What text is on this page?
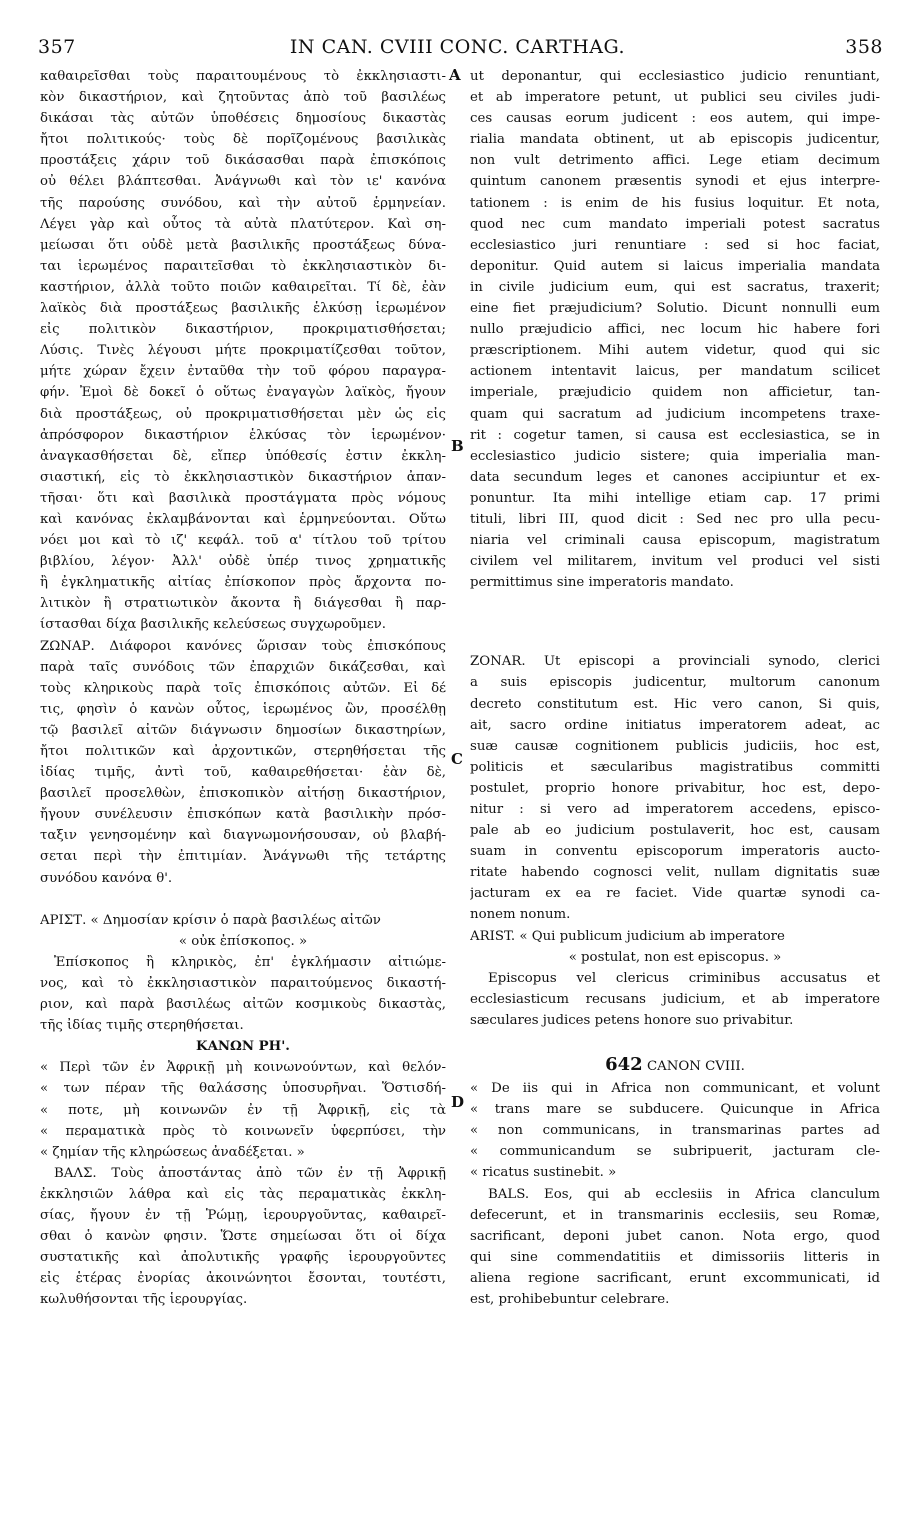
357	IN CAN. CVIII CONC. CARTHAG.	358
A
B
C
D
καθαιρεῖσθαι τοὺς παραιτουμένους τὸ ἐκκλησιαστι-
κὸν δικαστήριον, καὶ ζητοῦντας ἀπὸ τοῦ βασιλέως
δικάσαι τὰς αὐτῶν ὑποθέσεις δημοσίους δικαστὰς
ἤτοι πολιτικούς· τοὺς δὲ πορῖζομένους βασιλικὰς
προστάξεις χάριν τοῦ δικάσασθαι παρὰ ἐπισκόποις
οὐ θέλει βλάπτεσθαι. Ἀνάγνωθι καὶ τὸν ιε' κανόνα
τῆς παρούσης συνόδου, καὶ τὴν αὐτοῦ ἑρμηνείαν.
Λέγει γὰρ καὶ οὗτος τὰ αὐτὰ πλατύτερον. Καὶ ση-
μείωσαι ὅτι οὐδὲ μετὰ βασιλικῆς προστάξεως δύνα-
ται ἱερωμένος παραιτεῖσθαι τὸ ἐκκλησιαστικὸν δι-
καστήριον, ἀλλὰ τοῦτο ποιῶν καθαιρεῖται. Τί δὲ, ἐὰν
λαϊκὸς διὰ προστάξεως βασιλικῆς ἑλκύσῃ ἱερωμένον
εἰς πολιτικὸν δικαστήριον, προκριματισθήσεται;
Λύσις. Τινὲς λέγουσι μήτε προκριματίζεσθαι τοῦτον,
μήτε χώραν ἔχειν ἐνταῦθα τὴν τοῦ φόρου παραγρα-
φήν. Ἐμοὶ δὲ δοκεῖ ὁ οὕτως ἐναγαγὼν λαϊκὸς, ἤγουν
διὰ προστάξεως, οὐ προκριματισθήσεται μὲν ὡς εἰς
ἀπρόσφορον δικαστήριον ἑλκύσας τὸν ἱερωμένον·
ἀναγκασθήσεται δὲ, εἴπερ ὑπόθεσίς ἐστιν ἐκκλη-
σιαστική, εἰς τὸ ἐκκλησιαστικὸν δικαστήριον ἀπαν-
τῆσαι· ὅτι καὶ βασιλικὰ προστάγματα πρὸς νόμους
καὶ κανόνας ἐκλαμβάνονται καὶ ἑρμηνεύονται. Οὕτω
νόει μοι καὶ τὸ ιζ' κεφάλ. τοῦ α' τίτλου τοῦ τρίτου
βιβλίου, λέγον· Ἀλλ' οὐδὲ ὑπέρ τινος χρηματικῆς
ἢ ἐγκληματικῆς αἰτίας ἐπίσκοπον πρὸς ἄρχοντα πο-
λιτικὸν ἢ στρατιωτικὸν ἄκοντα ἢ διάγεσθαι ἢ παρ-
ίστασθαι δίχα βασιλικῆς κελεύσεως συγχωροῦμεν.
ΖΩΝΑΡ. Διάφοροι κανόνες ὥρισαν τοὺς ἐπισκόπους
παρὰ ταῖς συνόδοις τῶν ἐπαρχιῶν δικάζεσθαι, καὶ
τοὺς κληρικοὺς παρὰ τοῖς ἐπισκόποις αὐτῶν. Εἰ δέ
τις, φησὶν ὁ κανὼν οὗτος, ἱερωμένος ὢν, προσέλθῃ
τῷ βασιλεῖ αἰτῶν διάγνωσιν δημοσίων δικαστηρίων,
ἤτοι πολιτικῶν καὶ ἀρχοντικῶν, στερηθήσεται τῆς
ἰδίας τιμῆς, ἀντὶ τοῦ, καθαιρεθήσεται· ἐὰν δὲ,
βασιλεῖ προσελθὼν, ἐπισκοπικὸν αἰτήσῃ δικαστήριον,
ἤγουν συνέλευσιν ἐπισκόπων κατὰ βασιλικὴν πρόσ-
ταξιν γενησομένην καὶ διαγνωμονήσουσαν, οὐ βλαβή-
σεται περὶ τὴν ἐπιτιμίαν. Ἀνάγνωθι τῆς τετάρτης
συνόδου κανόνα θ'.
ΑΡΙΣΤ. « Δημοσίαν κρίσιν ὁ παρὰ βασιλέως αἰτῶν
« οὐκ ἐπίσκοπος. »
Ἐπίσκοπος ἢ κληρικὸς, ἐπ' ἐγκλήμασιν αἰτιώμε-
νος, καὶ τὸ ἐκκλησιαστικὸν παραιτούμενος δικαστή-
ριον, καὶ παρὰ βασιλέως αἰτῶν κοσμικοὺς δικαστὰς,
τῆς ἰδίας τιμῆς στερηθήσεται.
ΚΑΝΩΝ ΡΗ'.
« Περὶ τῶν ἐν Ἀφρικῇ μὴ κοινωνούντων, καὶ θελόν-
« των πέραν τῆς θαλάσσης ὑποσυρῆναι. Ὅστισδή-
« ποτε, μὴ κοινωνῶν ἐν τῇ Ἀφρικῇ, εἰς τὰ
« περαματικὰ πρὸς τὸ κοινωνεῖν ὑφερπύσει, τὴν
« ζημίαν τῆς κληρώσεως ἀναδέξεται. »
ΒΑΛΣ. Τοὺς ἀποστάντας ἀπὸ τῶν ἐν τῇ Ἀφρικῇ
ἐκκλησιῶν λάθρα καὶ εἰς τὰς περαματικὰς ἐκκλη-
σίας, ἤγουν ἐν τῇ Ῥώμῃ, ἱερουργοῦντας, καθαιρεῖ-
σθαι ὁ κανὼν φησιν. Ὥστε σημείωσαι ὅτι οἱ δίχα
συστατικῆς καὶ ἀπολυτικῆς γραφῆς ἱερουργοῦντες
εἰς ἑτέρας ἐνορίας ἀκοινώνητοι ἔσονται, τουτέστι,
κωλυθήσονται τῆς ἱερουργίας.
ut deponantur, qui ecclesiastico judicio renuntiant,
et ab imperatore petunt, ut publici seu civiles judi-
ces causas eorum judicent : eos autem, qui impe-
rialia mandata obtinent, ut ab episcopis judicentur,
non vult detrimento affici. Lege etiam decimum
quintum canonem præsentis synodi et ejus interpre-
tationem : is enim de his fusius loquitur. Et nota,
quod nec cum mandato imperiali potest sacratus
ecclesiastico juri renuntiare : sed si hoc faciat,
deponitur. Quid autem si laicus imperialia mandata
in civile judicium eum, qui est sacratus, traxerit;
eine fiet præjudicium? Solutio. Dicunt nonnulli eum
nullo præjudicio affici, nec locum hic habere fori
præscriptionem. Mihi autem videtur, quod qui sic
actionem intentavit laicus, per mandatum scilicet
imperiale, præjudicio quidem non afficietur, tan-
quam qui sacratum ad judicium incompetens traxe-
rit : cogetur tamen, si causa est ecclesiastica, se in
ecclesiastico judicio sistere; quia imperialia man-
data secundum leges et canones accipiuntur et ex-
ponuntur. Ita mihi intellige etiam cap. 17 primi
tituli, libri III, quod dicit : Sed nec pro ulla pecu-
niaria vel criminali causa episcopum, magistratum
civilem vel militarem, invitum vel produci vel sisti
permittimus sine imperatoris mandato.
ZONAR. Ut episcopi a provinciali synodo, clerici
a suis episcopis judicentur, multorum canonum
decreto constitutum est. Hic vero canon, Si quis,
ait, sacro ordine initiatus imperatorem adeat, ac
suæ causæ cognitionem publicis judiciis, hoc est,
politicis et sæcularibus magistratibus committi
postulet, proprio honore privabitur, hoc est, depo-
nitur : si vero ad imperatorem accedens, episco-
pale ab eo judicium postulaverit, hoc est, causam
suam in conventu episcoporum imperatoris aucto-
ritate habendo cognosci velit, nullam dignitatis suæ
jacturam ex ea re faciet. Vide quartæ synodi ca-
nonem nonum.
ARIST. « Qui publicum judicium ab imperatore
« postulat, non est episcopus. »
Episcopus vel clericus criminibus accusatus et
ecclesiasticum recusans judicium, et ab imperatore
sæculares judices petens honore suo privabitur.
642 CANON CVIII.
« De iis qui in Africa non communicant, et volunt
« trans mare se subducere. Quicunque in Africa
« non communicans, in transmarinas partes ad
« communicandum se subripuerit, jacturam cle-
« ricatus sustinebit. »
BALS. Eos, qui ab ecclesiis in Africa clanculum
defecerunt, et in transmarinis ecclesiis, seu Romæ,
sacrificant, deponi jubet canon. Nota ergo, quod
qui sine commendatitiis et dimissoriis litteris in
aliena regione sacrificant, erunt excommunicati, id
est, prohibebuntur celebrare.
